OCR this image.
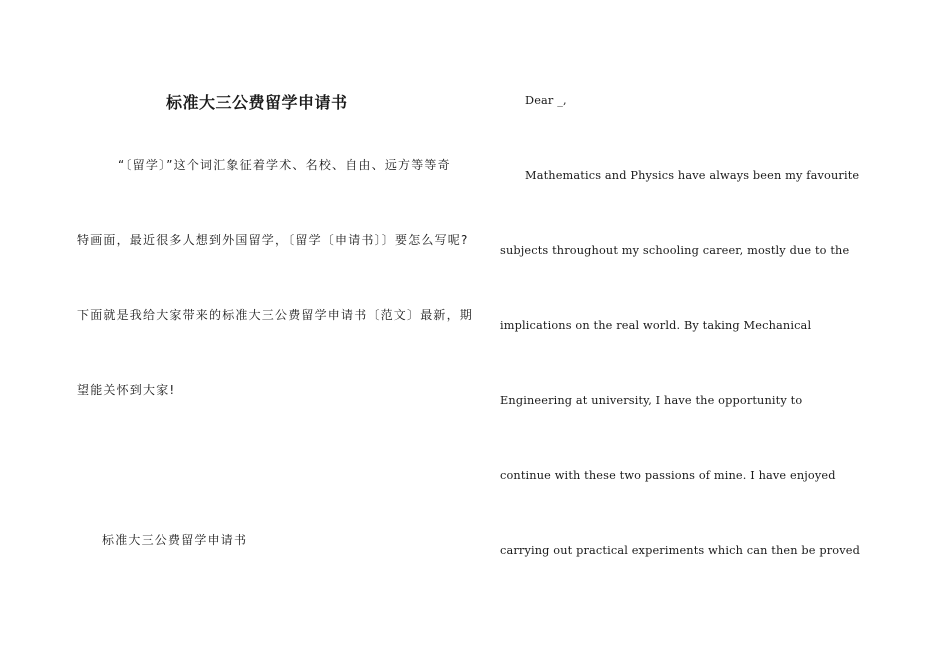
标准大三公费留学申请书

“〔留学〕”这个词汇象征着学术、名校、自由、远方等等奇

特画面，最近很多人想到外国留学，〔留学〔申请书〕〕要怎么写呢?

下面就是我给大家带来的标准大三公费留学申请书〔范文〕最新，期

望能关怀到大家!

标准大三公费留学申请书

Dear _,

Mathematics and Physics have always been my favourite

subjects throughout my schooling career, mostly due to the

implications on the real world. By taking Mechanical

Engineering at university, I have the opportunity to

continue with these two passions of mine. I have enjoyed

carrying out practical experiments which can then be proved
